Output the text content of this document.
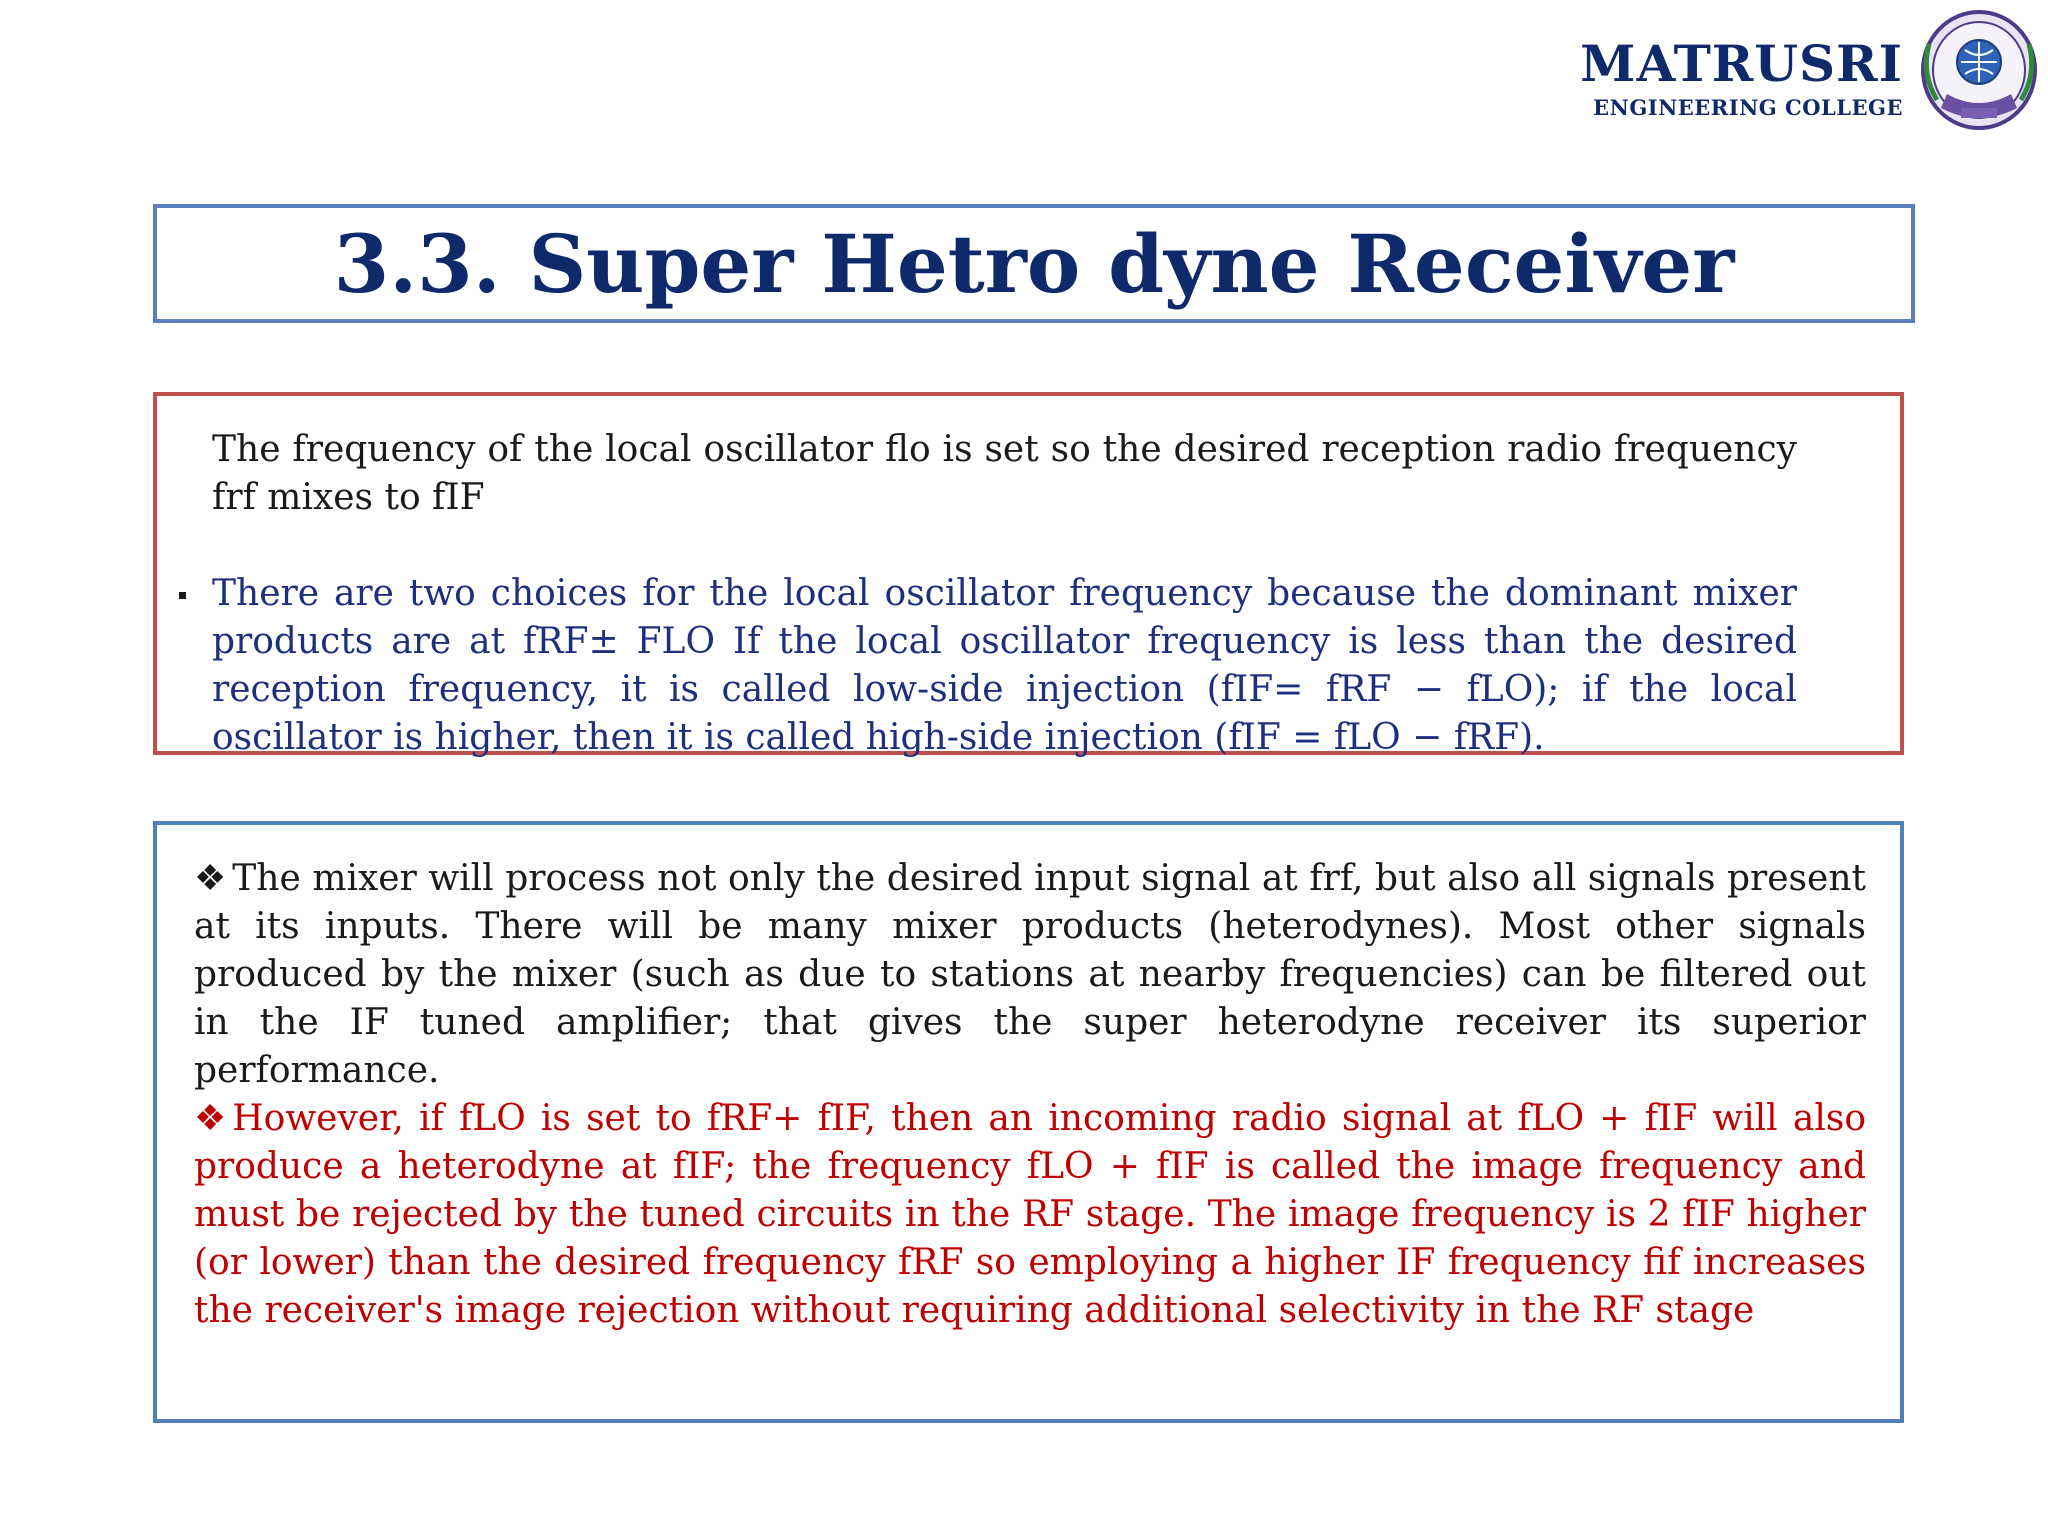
MATRUSRI
ENGINEERING COLLEGE
3.3. Super Hetro dyne Receiver

The frequency of the local oscillator flo is set so the desired reception radio frequency frf mixes to fIF

There are two choices for the local oscillator frequency because the dominant mixer products are at fRF± FLO If the local oscillator frequency is less than the desired reception frequency, it is called low-side injection (fIF= fRF − fLO); if the local oscillator is higher, then it is called high-side injection (fIF = fLO − fRF).

❖ The mixer will process not only the desired input signal at frf, but also all signals present at its inputs. There will be many mixer products (heterodynes). Most other signals produced by the mixer (such as due to stations at nearby frequencies) can be filtered out in the IF tuned amplifier; that gives the super heterodyne receiver its superior performance.

❖ However, if fLO is set to fRF+ fIF, then an incoming radio signal at fLO + fIF will also produce a heterodyne at fIF; the frequency fLO + fIF is called the image frequency and must be rejected by the tuned circuits in the RF stage. The image frequency is 2 fIF higher (or lower) than the desired frequency fRF so employing a higher IF frequency fif increases the receiver's image rejection without requiring additional selectivity in the RF stage
